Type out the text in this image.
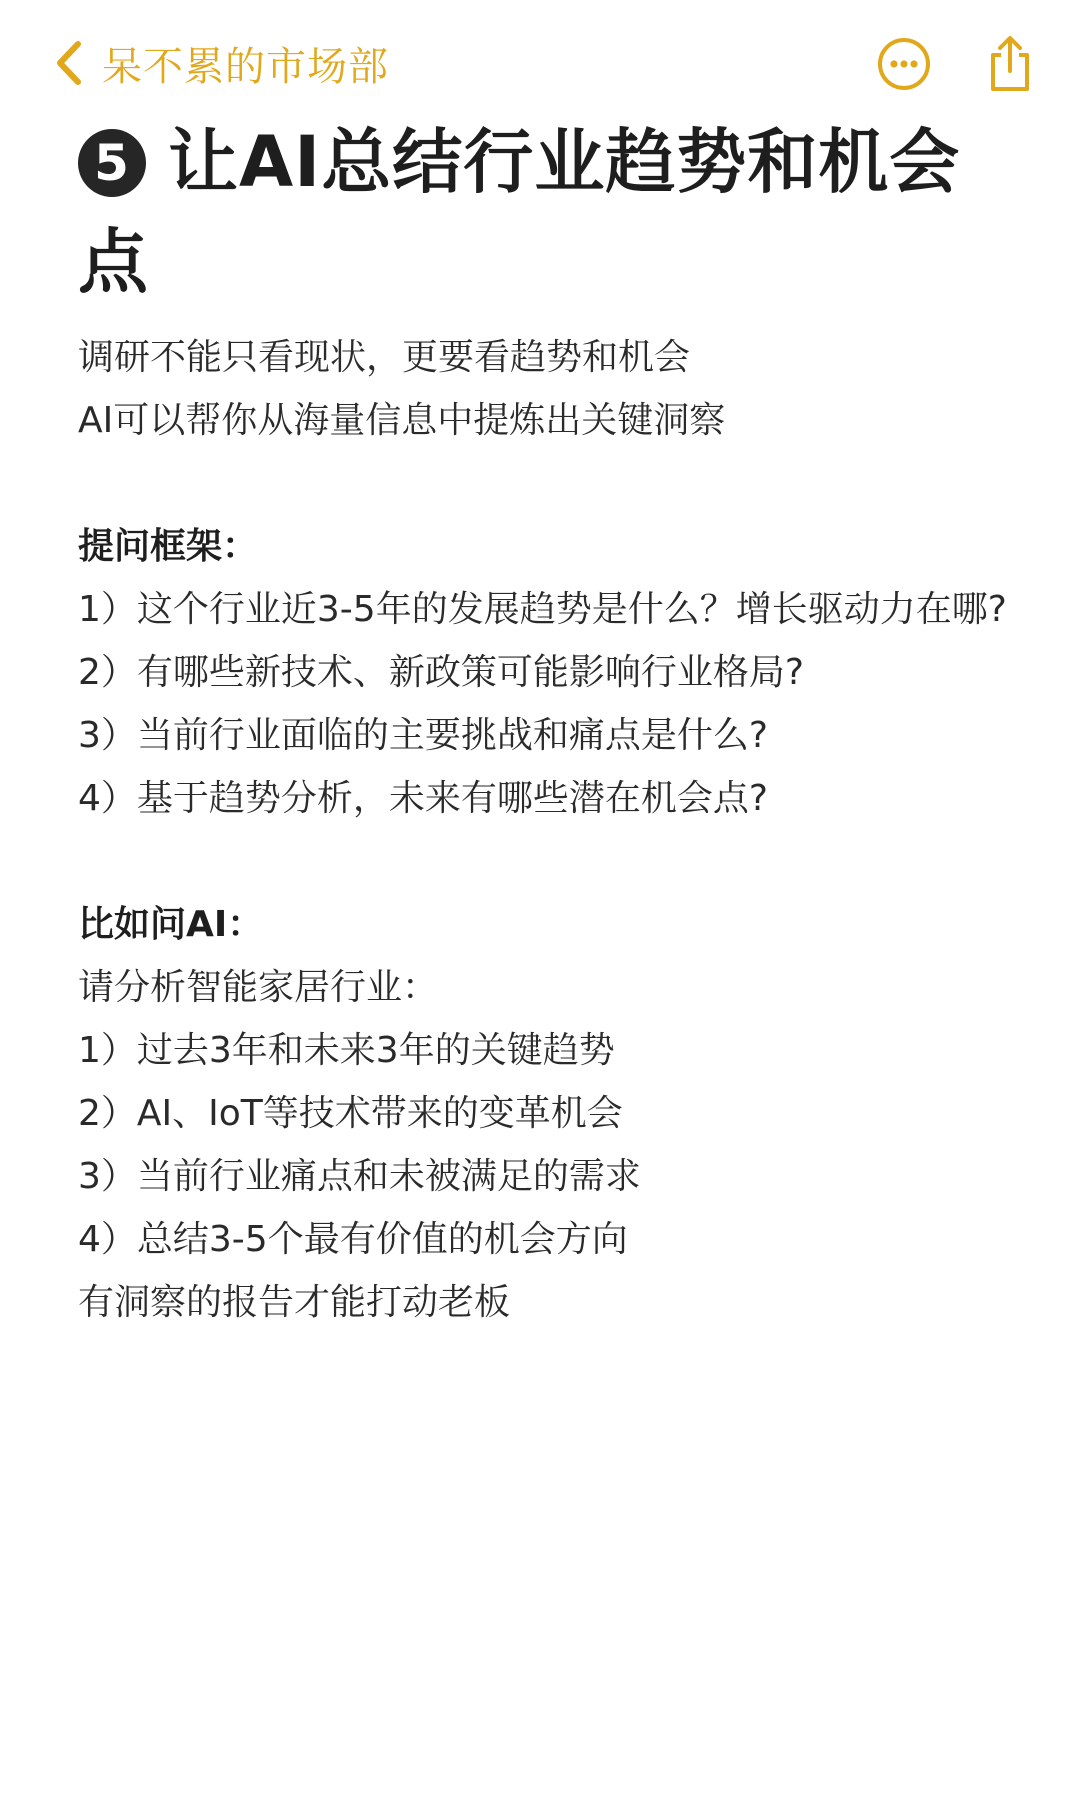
呆不累的市场部
5 让AI总结行业趋势和机会点
调研不能只看现状，更要看趋势和机会
AI可以帮你从海量信息中提炼出关键洞察
提问框架：
1）这个行业近3-5年的发展趋势是什么？增长驱动力在哪?
2）有哪些新技术、新政策可能影响行业格局?
3）当前行业面临的主要挑战和痛点是什么?
4）基于趋势分析，未来有哪些潜在机会点?
比如问AI：
请分析智能家居行业：
1）过去3年和未来3年的关键趋势
2）AI、IoT等技术带来的变革机会
3）当前行业痛点和未被满足的需求
4）总结3-5个最有价值的机会方向
有洞察的报告才能打动老板
